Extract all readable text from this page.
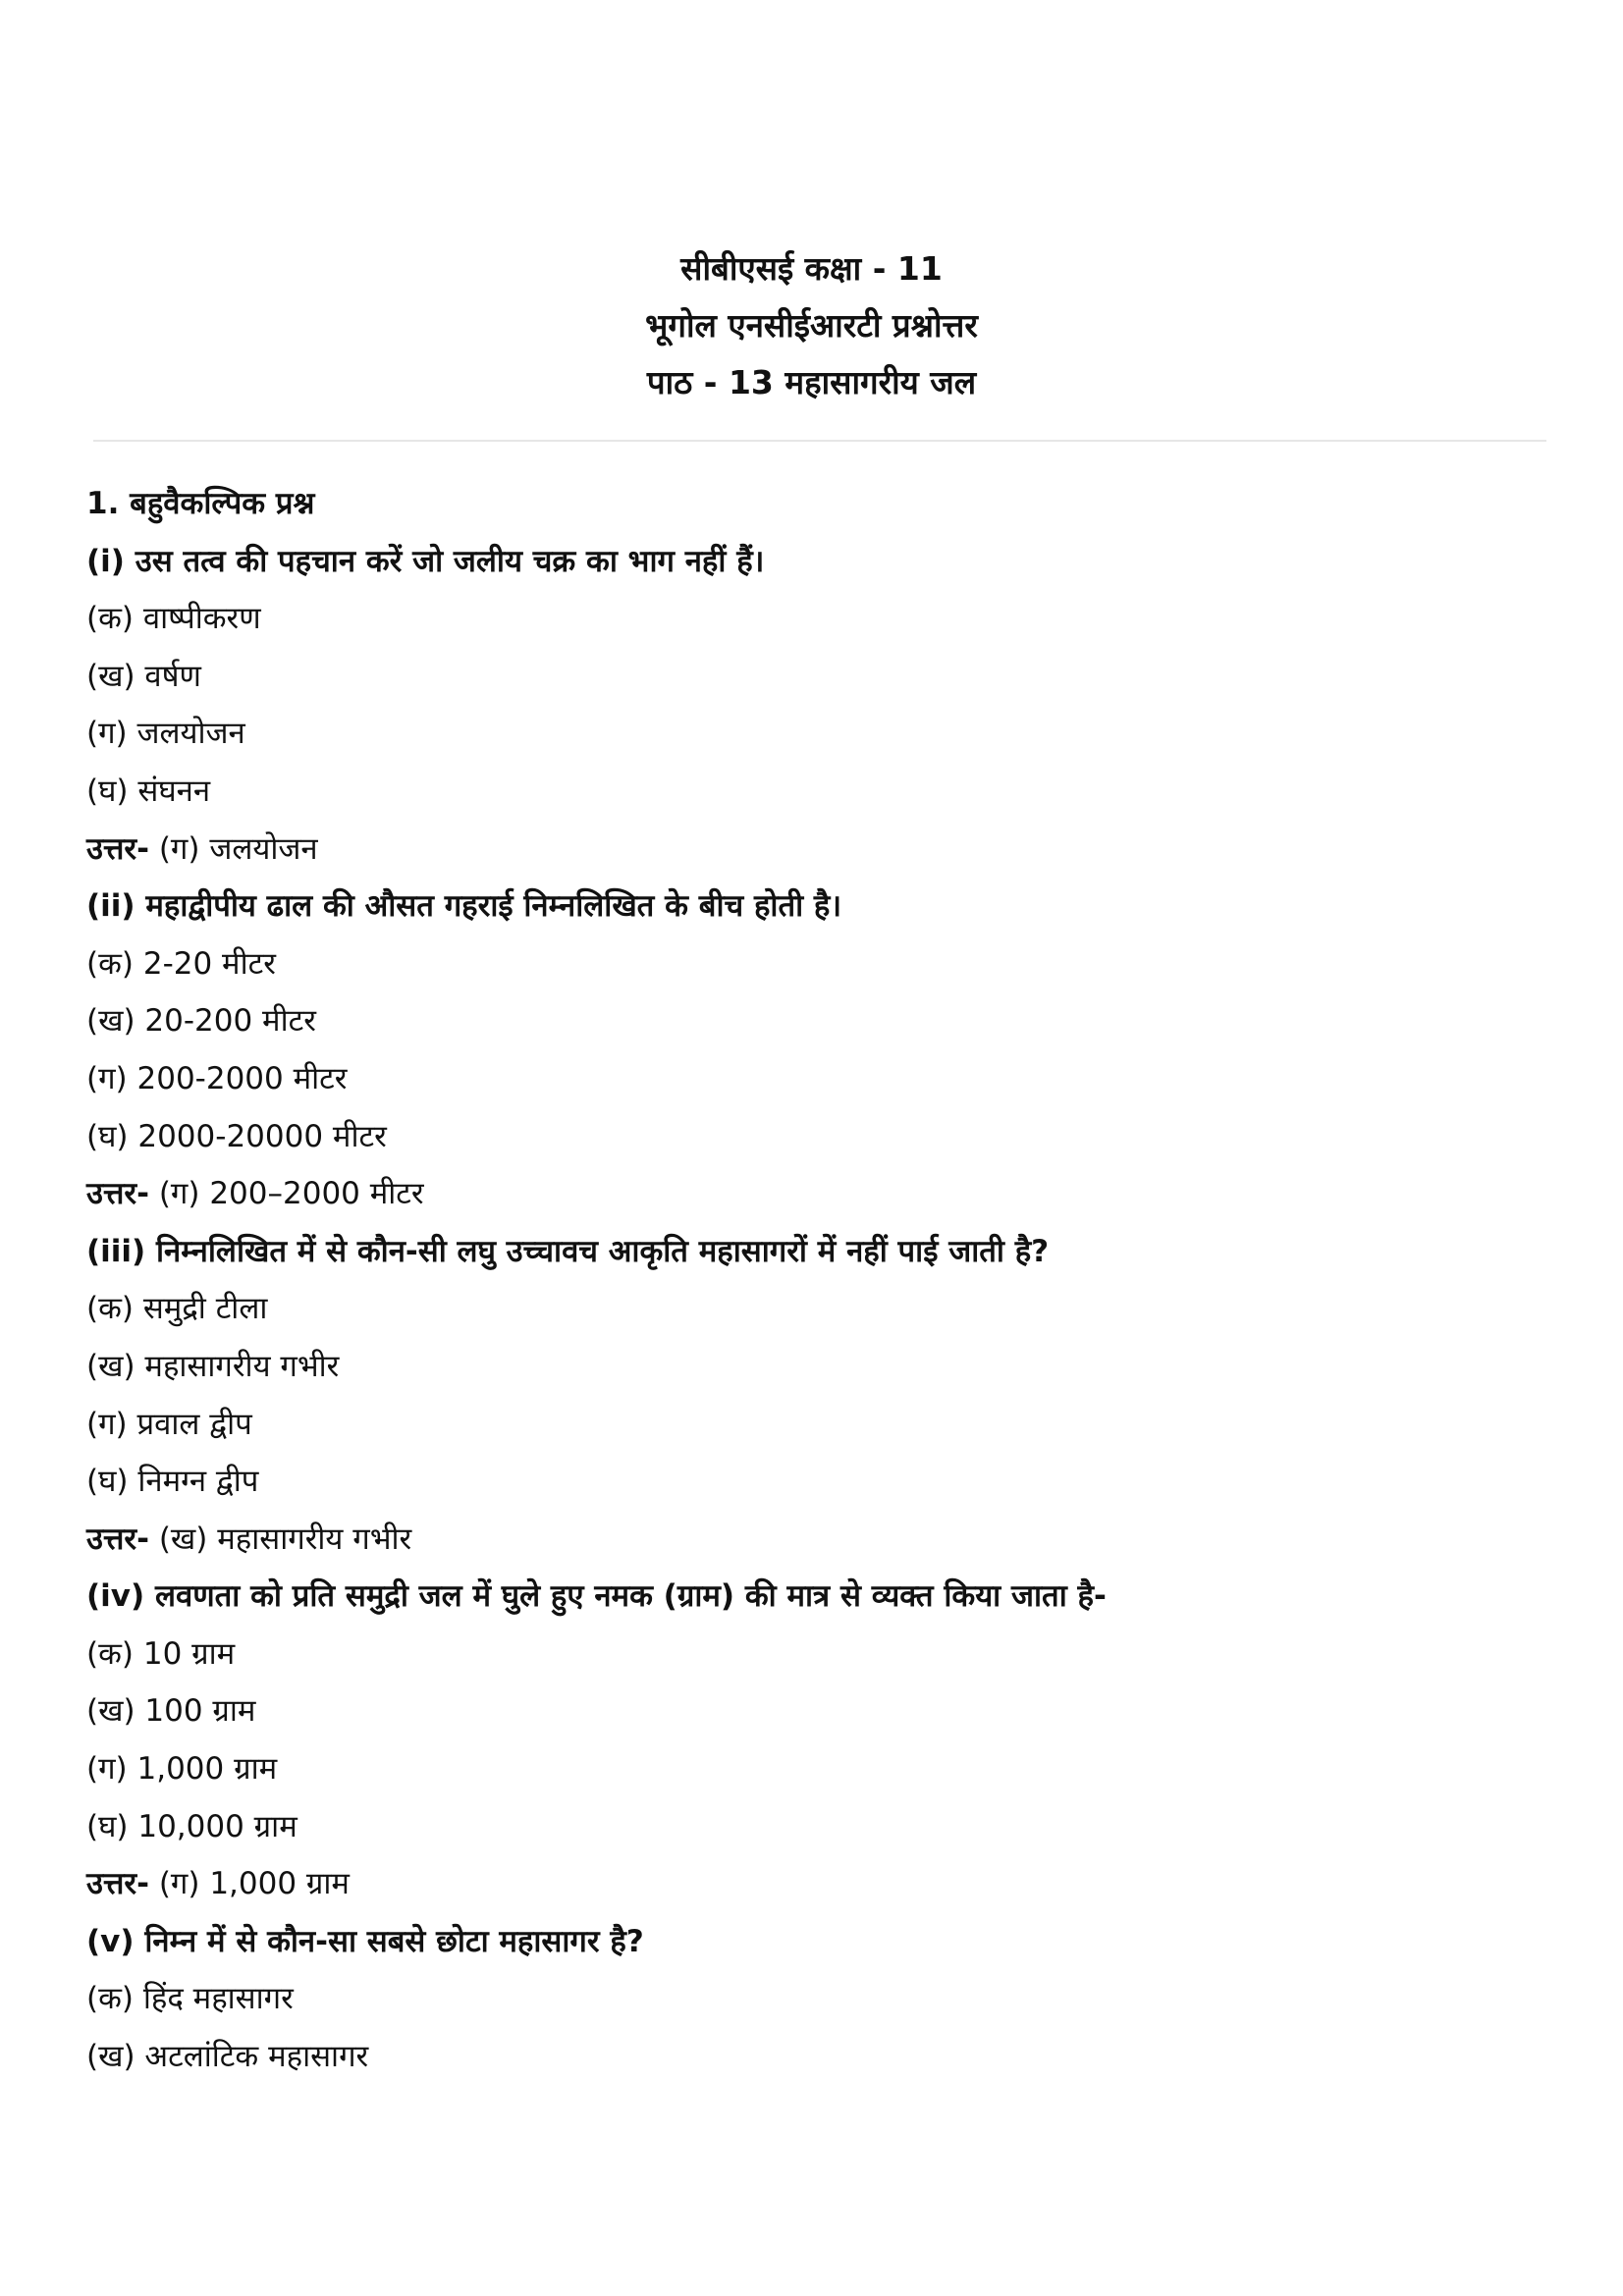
सीबीएसई कक्षा - 11
भूगोल एनसीईआरटी प्रश्नोत्तर
पाठ - 13 महासागरीय जल
1. बहुवैकल्पिक प्रश्न
(i) उस तत्व की पहचान करें जो जलीय चक्र का भाग नहीं हैं।
(क) वाष्पीकरण
(ख) वर्षण
(ग) जलयोजन
(घ) संघनन
उत्तर- (ग) जलयोजन
(ii) महाद्वीपीय ढाल की औसत गहराई निम्नलिखित के बीच होती है।
(क) 2-20 मीटर
(ख) 20-200 मीटर
(ग) 200-2000 मीटर
(घ) 2000-20000 मीटर
उत्तर- (ग) 200–2000 मीटर
(iii) निम्नलिखित में से कौन-सी लघु उच्चावच आकृति महासागरों में नहीं पाई जाती है?
(क) समुद्री टीला
(ख) महासागरीय गभीर
(ग) प्रवाल द्वीप
(घ) निमग्न द्वीप
उत्तर- (ख) महासागरीय गभीर
(iv) लवणता को प्रति समुद्री जल में घुले हुए नमक (ग्राम) की मात्र से व्यक्त किया जाता है-
(क) 10 ग्राम
(ख) 100 ग्राम
(ग) 1,000 ग्राम
(घ) 10,000 ग्राम
उत्तर- (ग) 1,000 ग्राम
(v) निम्न में से कौन-सा सबसे छोटा महासागर है?
(क) हिंद महासागर
(ख) अटलांटिक महासागर
